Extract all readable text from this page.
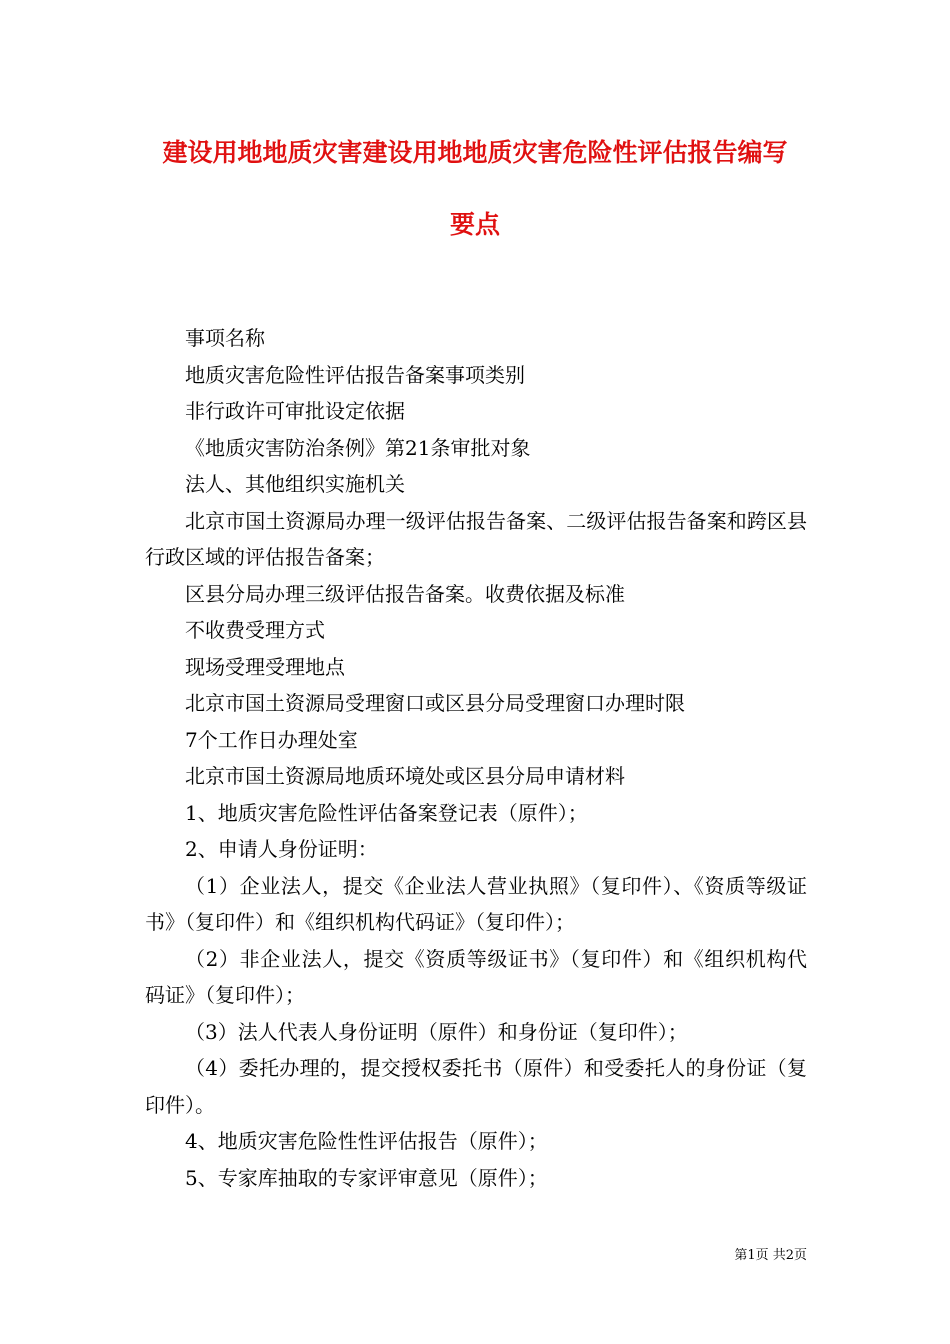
建设用地地质灾害建设用地地质灾害危险性评估报告编写
要点

事项名称

地质灾害危险性评估报告备案事项类别

非行政许可审批设定依据

《地质灾害防治条例》第21条审批对象

法人、其他组织实施机关

北京市国土资源局办理一级评估报告备案、二级评估报告备案和跨区县行政区域的评估报告备案；

区县分局办理三级评估报告备案。收费依据及标准

不收费受理方式

现场受理受理地点

北京市国土资源局受理窗口或区县分局受理窗口办理时限

7个工作日办理处室

北京市国土资源局地质环境处或区县分局申请材料

1、地质灾害危险性评估备案登记表（原件）；

2、申请人身份证明：

（1）企业法人，提交《企业法人营业执照》（复印件）、《资质等级证书》（复印件）和《组织机构代码证》（复印件）；

（2）非企业法人，提交《资质等级证书》（复印件）和《组织机构代码证》（复印件）；

（3）法人代表人身份证明（原件）和身份证（复印件）；

（4）委托办理的，提交授权委托书（原件）和受委托人的身份证（复印件）。

4、地质灾害危险性性评估报告（原件）；

5、专家库抽取的专家评审意见（原件）；

第1页 共2页
